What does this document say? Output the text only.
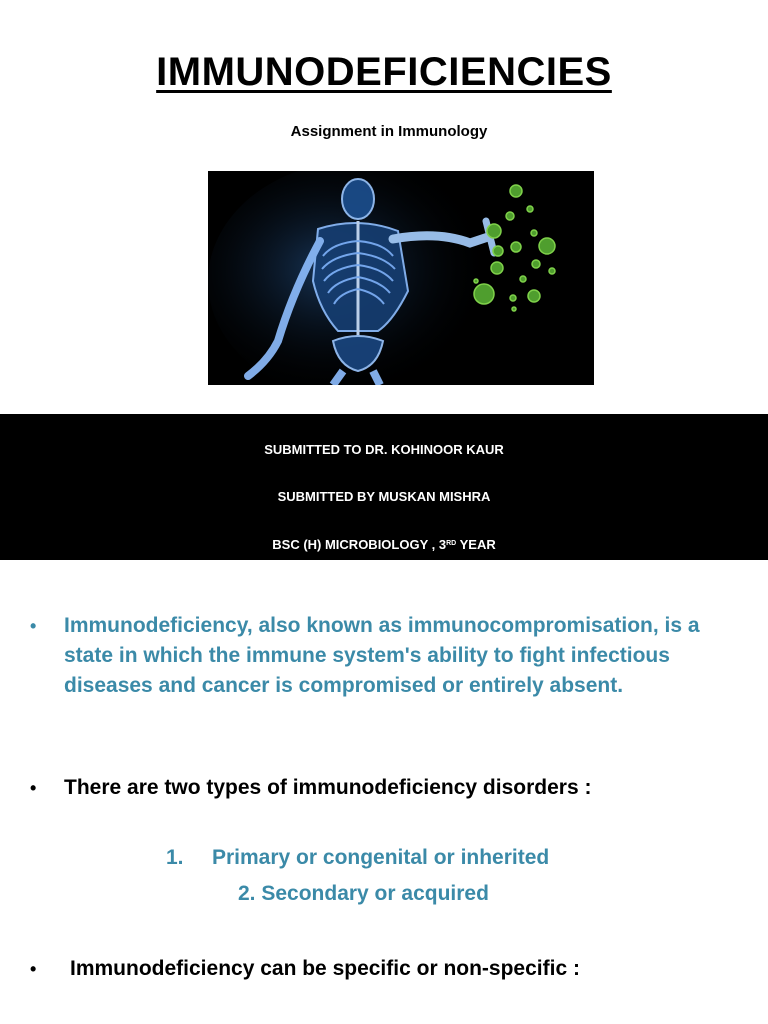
IMMUNODEFICIENCIES
Assignment in Immunology
SUBMITTED TO DR. KOHINOOR KAUR
SUBMITTED BY MUSKAN MISHRA
BSC (H) MICROBIOLOGY , 3RD YEAR
• Immunodeficiency, also known as immunocompromisation, is a state in which the immune system's ability to fight infectious diseases and cancer is compromised or entirely absent.
• There are two types of immunodeficiency disorders :
1. Primary or congenital or inherited
2. Secondary or acquired
• Immunodeficiency can be specific or non-specific :
